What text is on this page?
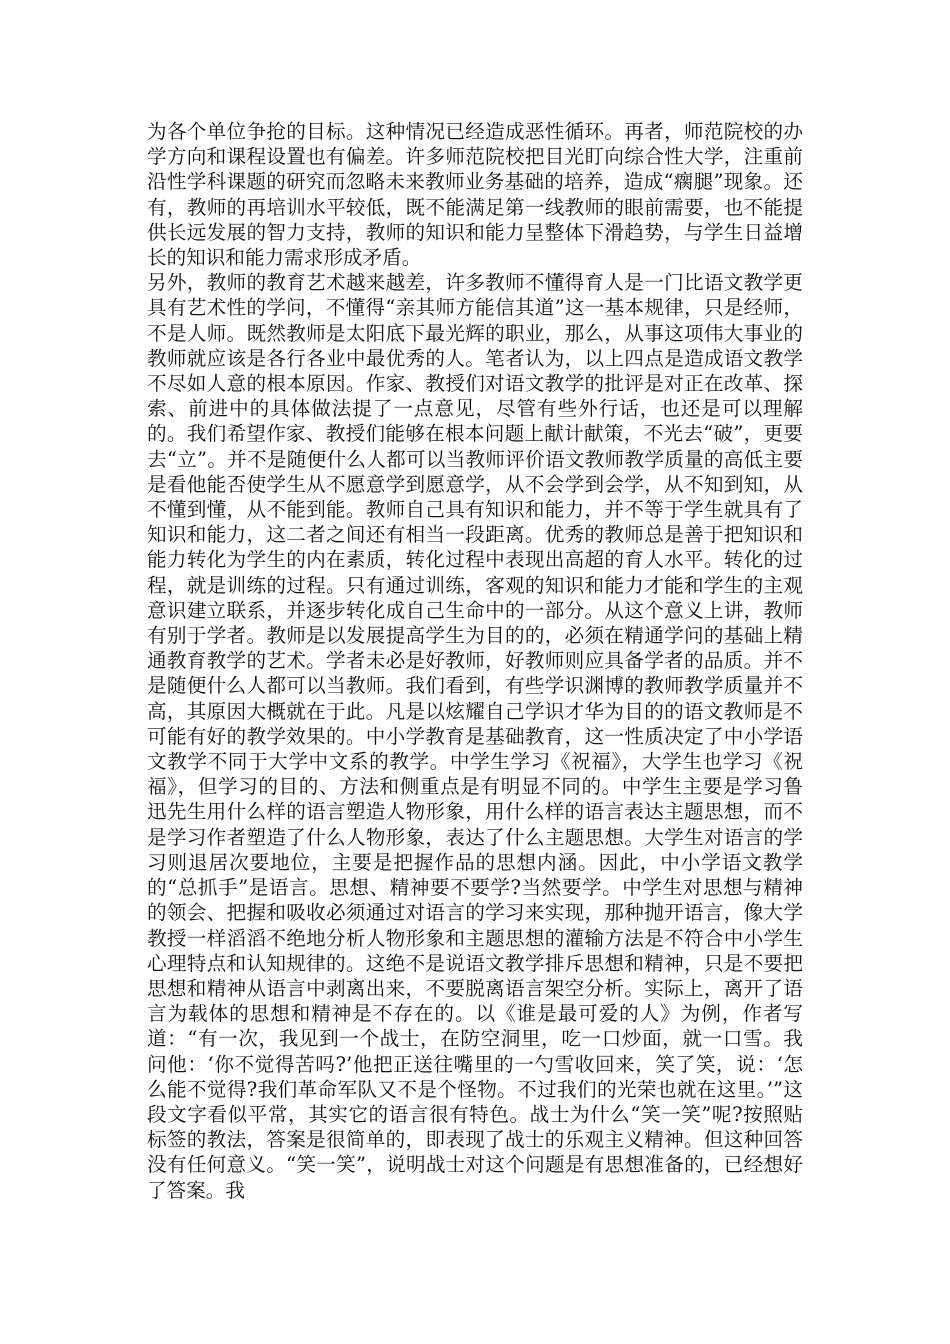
为各个单位争抢的目标。这种情况已经造成恶性循环。再者，师范院校的办学方向和课程设置也有偏差。许多师范院校把目光盯向综合性大学，注重前沿性学科课题的研究而忽略未来教师业务基础的培养，造成“瘸腿”现象。还有，教师的再培训水平较低，既不能满足第一线教师的眼前需要，也不能提供长远发展的智力支持，教师的知识和能力呈整体下滑趋势，与学生日益增长的知识和能力需求形成矛盾。

另外，教师的教育艺术越来越差，许多教师不懂得育人是一门比语文教学更具有艺术性的学问，不懂得“亲其师方能信其道”这一基本规律，只是经师，不是人师。既然教师是太阳底下最光辉的职业，那么，从事这项伟大事业的教师就应该是各行各业中最优秀的人。笔者认为，以上四点是造成语文教学不尽如人意的根本原因。作家、教授们对语文教学的批评是对正在改革、探索、前进中的具体做法提了一点意见，尽管有些外行话，也还是可以理解的。我们希望作家、教授们能够在根本问题上献计献策，不光去“破”，更要去“立”。并不是随便什么人都可以当教师评价语文教师教学质量的高低主要是看他能否使学生从不愿意学到愿意学，从不会学到会学，从不知到知，从不懂到懂，从不能到能。教师自己具有知识和能力，并不等于学生就具有了知识和能力，这二者之间还有相当一段距离。优秀的教师总是善于把知识和能力转化为学生的内在素质，转化过程中表现出高超的育人水平。转化的过程，就是训练的过程。只有通过训练，客观的知识和能力才能和学生的主观意识建立联系，并逐步转化成自己生命中的一部分。从这个意义上讲，教师有别于学者。教师是以发展提高学生为目的的，必须在精通学问的基础上精通教育教学的艺术。学者未必是好教师，好教师则应具备学者的品质。并不是随便什么人都可以当教师。我们看到，有些学识渊博的教师教学质量并不高，其原因大概就在于此。凡是以炫耀自己学识才华为目的的语文教师是不可能有好的教学效果的。中小学教育是基础教育，这一性质决定了中小学语文教学不同于大学中文系的教学。中学生学习《祝福》，大学生也学习《祝福》，但学习的目的、方法和侧重点是有明显不同的。中学生主要是学习鲁迅先生用什么样的语言塑造人物形象，用什么样的语言表达主题思想，而不是学习作者塑造了什么人物形象，表达了什么主题思想。大学生对语言的学习则退居次要地位，主要是把握作品的思想内涵。因此，中小学语文教学的“总抓手”是语言。思想、精神要不要学?当然要学。中学生对思想与精神的领会、把握和吸收必须通过对语言的学习来实现，那种抛开语言，像大学教授一样滔滔不绝地分析人物形象和主题思想的灌输方法是不符合中小学生心理特点和认知规律的。这绝不是说语文教学排斥思想和精神，只是不要把思想和精神从语言中剥离出来，不要脱离语言架空分析。实际上，离开了语言为载体的思想和精神是不存在的。以《谁是最可爱的人》为例，作者写道：“有一次，我见到一个战士，在防空洞里，吃一口炒面，就一口雪。我问他：‘你不觉得苦吗?’他把正送往嘴里的一勺雪收回来，笑了笑，说：‘怎么能不觉得?我们革命军队又不是个怪物。不过我们的光荣也就在这里。’”这段文字看似平常，其实它的语言很有特色。战士为什么“笑一笑”呢?按照贴标签的教法，答案是很简单的，即表现了战士的乐观主义精神。但这种回答没有任何意义。“笑一笑”，说明战士对这个问题是有思想准备的，已经想好了答案。我
